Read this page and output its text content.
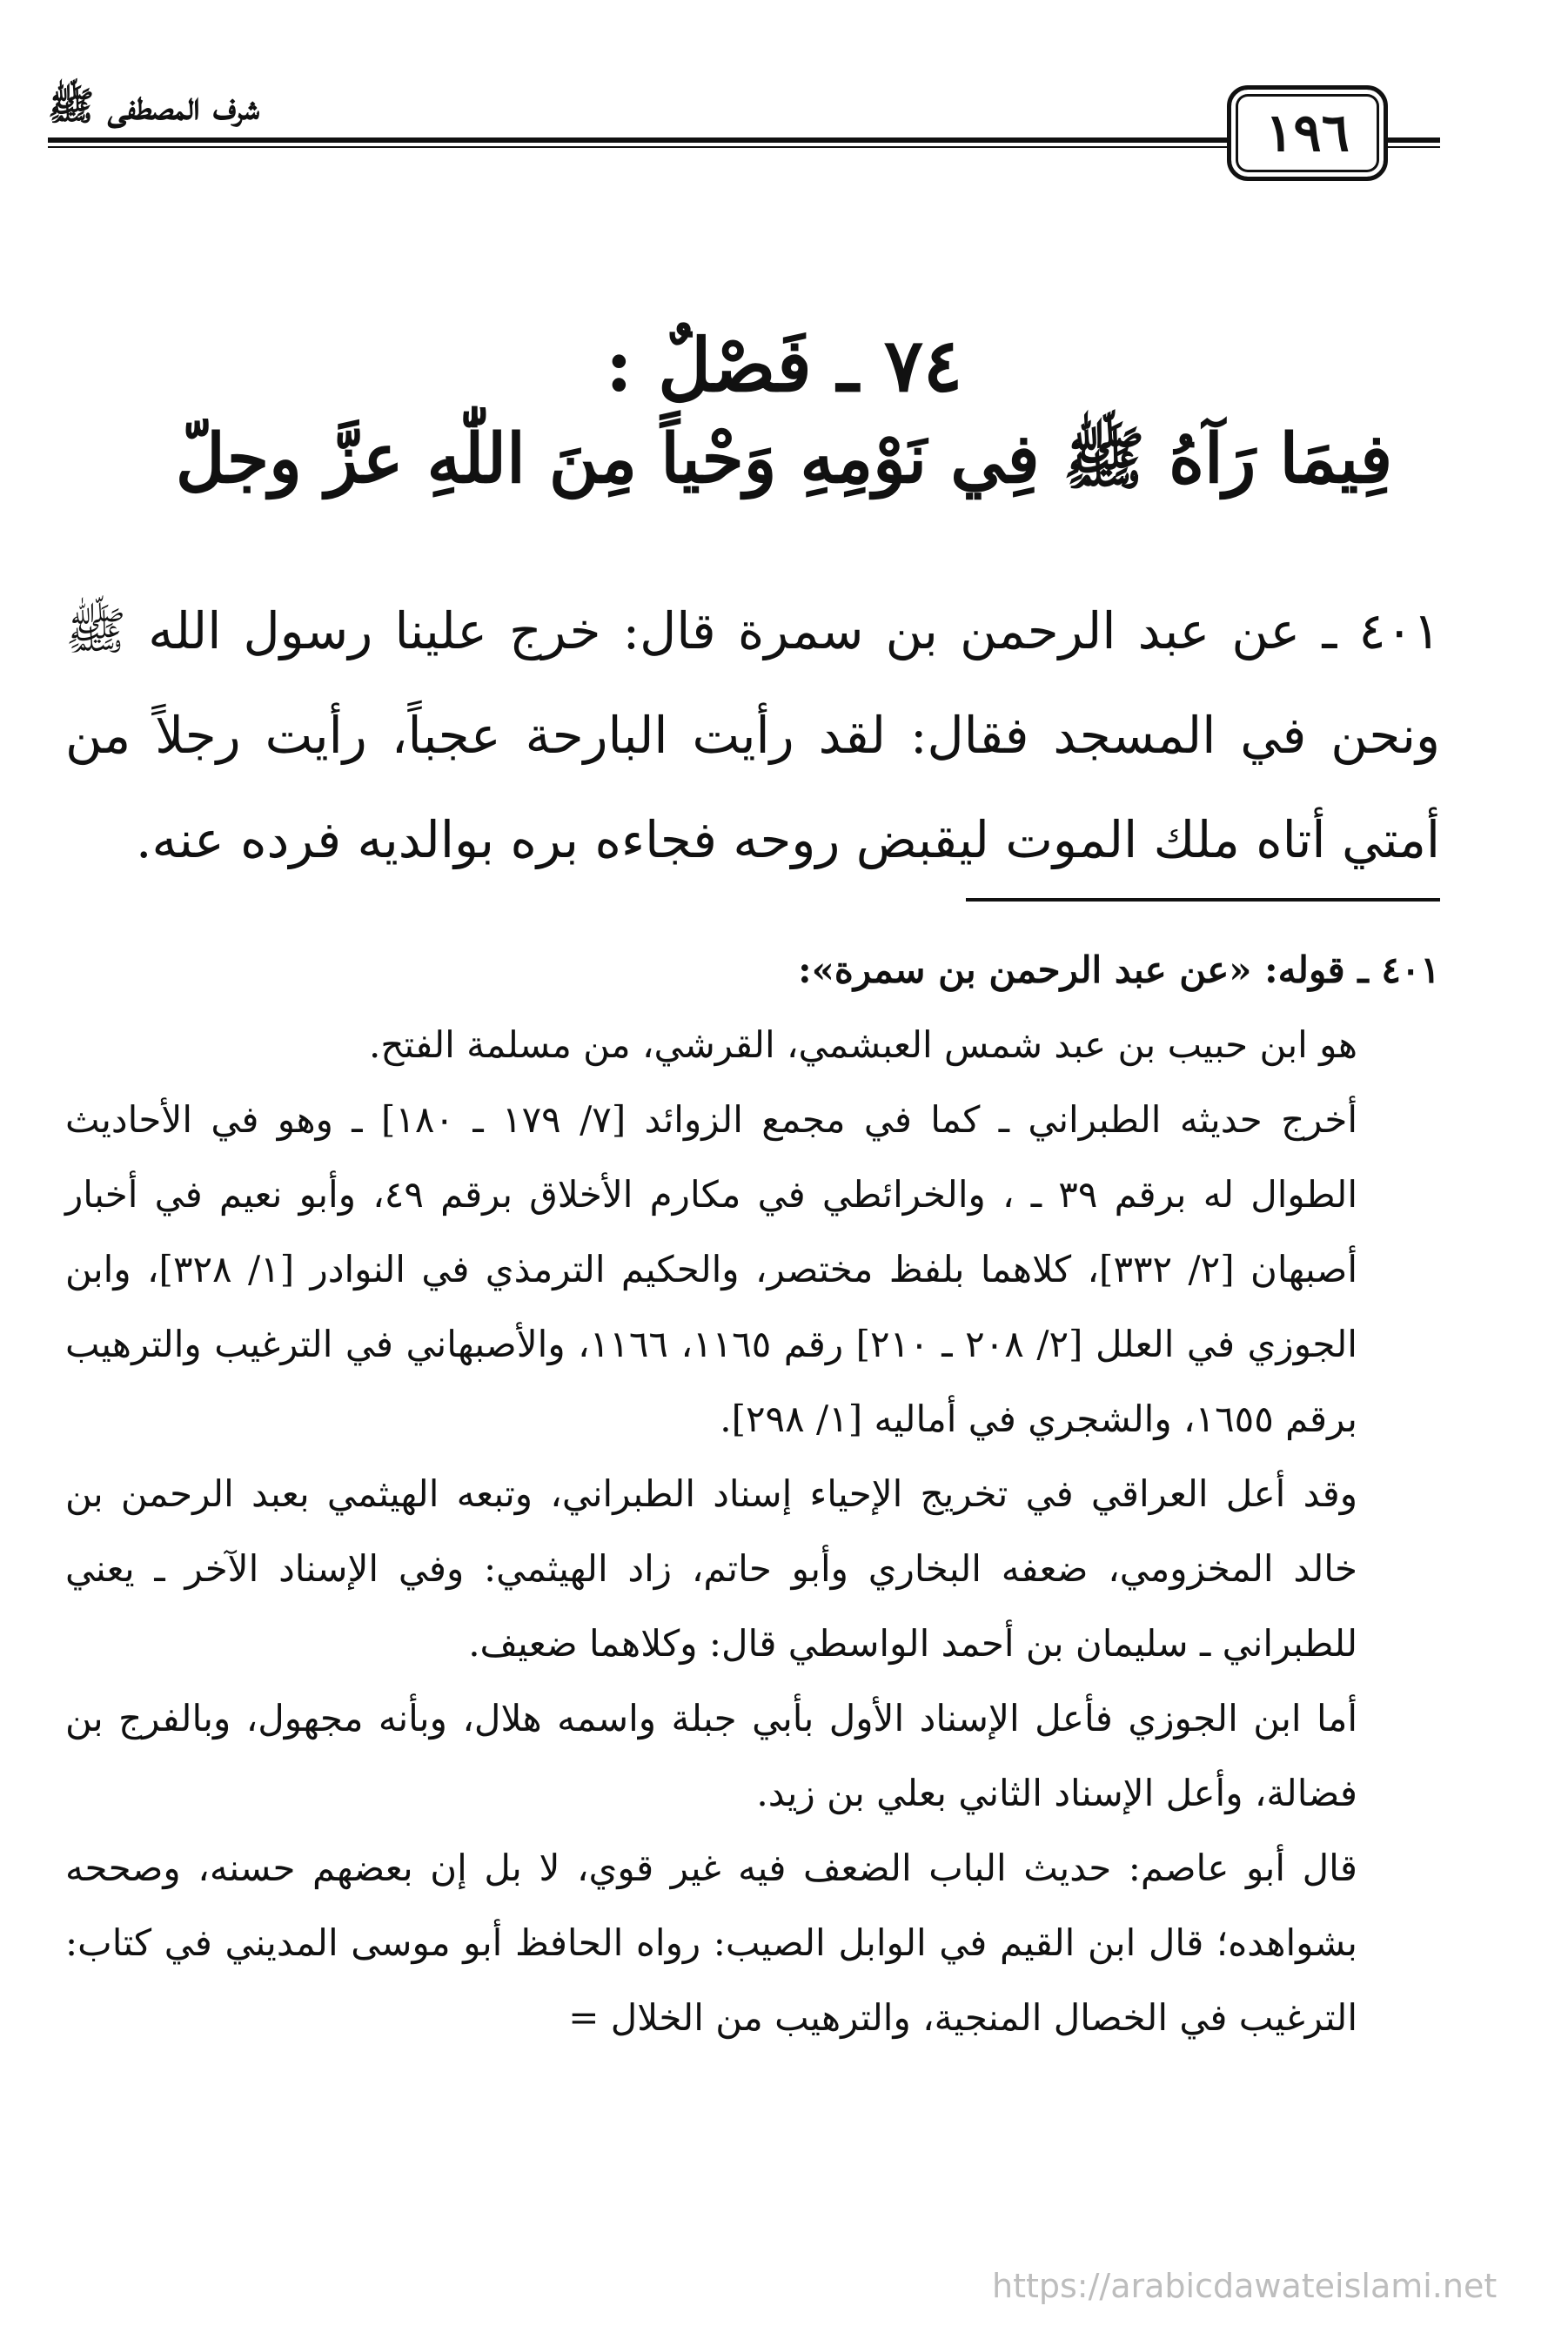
شرف المصطفى ﷺ	١٩٦
٧٤ ـ فَصْلٌ :
فِيمَا رَآهُ ﷺ فِي نَوْمِهِ وَحْياً مِنَ اللّٰهِ عزَّ وجلّ
٤٠١ ـ عن عبد الرحمن بن سمرة قال: خرج علينا رسول الله ﷺ ونحن في المسجد فقال: لقد رأيت البارحة عجباً، رأيت رجلاً من أمتي أتاه ملك الموت ليقبض روحه فجاءه بره بوالديه فرده عنه.
٤٠١ ـ قوله: «عن عبد الرحمن بن سمرة»:
هو ابن حبيب بن عبد شمس العبشمي، القرشي، من مسلمة الفتح.
أخرج حديثه الطبراني ـ كما في مجمع الزوائد [٧/ ١٧٩ ـ ١٨٠] ـ وهو في الأحاديث الطوال له برقم ٣٩ ـ ، والخرائطي في مكارم الأخلاق برقم ٤٩، وأبو نعيم في أخبار أصبهان [٢/ ٣٣٢]، كلاهما بلفظ مختصر، والحكيم الترمذي في النوادر [١/ ٣٢٨]، وابن الجوزي في العلل [٢/ ٢٠٨ ـ ٢١٠] رقم ١١٦٥، ١١٦٦، والأصبهاني في الترغيب والترهيب برقم ١٦٥٥، والشجري في أماليه [١/ ٢٩٨].
وقد أعل العراقي في تخريج الإحياء إسناد الطبراني، وتبعه الهيثمي بعبد الرحمن بن خالد المخزومي، ضعفه البخاري وأبو حاتم، زاد الهيثمي: وفي الإسناد الآخر ـ يعني للطبراني ـ سليمان بن أحمد الواسطي قال: وكلاهما ضعيف.
أما ابن الجوزي فأعل الإسناد الأول بأبي جبلة واسمه هلال، وبأنه مجهول، وبالفرج بن فضالة، وأعل الإسناد الثاني بعلي بن زيد.
قال أبو عاصم: حديث الباب الضعف فيه غير قوي، لا بل إن بعضهم حسنه، وصححه بشواهده؛ قال ابن القيم في الوابل الصيب: رواه الحافظ أبو موسى المديني في كتاب: الترغيب في الخصال المنجية، والترهيب من الخلال =
https://arabicdawateislami.net
